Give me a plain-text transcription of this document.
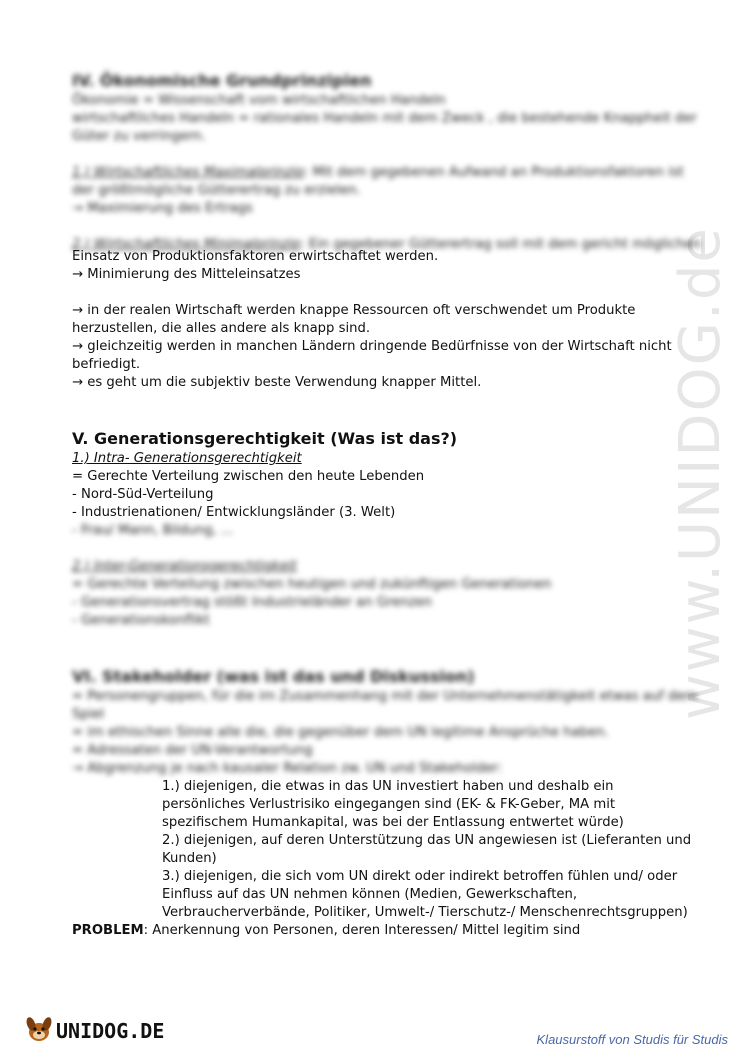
www.UNIDOG.de
IV. Ökonomische Grundprinzipien
Ökonomie = Wissenschaft vom wirtschaftlichen Handeln
wirtschaftliches Handeln = rationales Handeln mit dem Zweck , die bestehende Knappheit der
Güter zu verringern.
1.) Wirtschaftliches Maximalprinzip: Mit dem gegebenen Aufwand an Produktionsfaktoren ist
der größtmögliche Gütterertrag zu erzielen.
→ Maximierung des Ertrags
2.) Wirtschaftliches Minimalprinzip: Ein gegebener Gütterertrag soll mit dem gericht möglichen
Einsatz von Produktionsfaktoren erwirtschaftet werden.
→ Minimierung des Mitteleinsatzes
→ in der realen Wirtschaft werden knappe Ressourcen oft verschwendet um Produkte
herzustellen, die alles andere als knapp sind.
→ gleichzeitig werden in manchen Ländern dringende Bedürfnisse von der Wirtschaft nicht
befriedigt.
→ es geht um die subjektiv beste Verwendung knapper Mittel.
V. Generationsgerechtigkeit (Was ist das?)
1.) Intra- Generationsgerechtigkeit
= Gerechte Verteilung zwischen den heute Lebenden
- Nord-Süd-Verteilung
- Industrienationen/ Entwicklungsländer (3. Welt)
- Frau/ Mann, Bildung, ...
2.) Inter-Generationsgerechtigkeit
= Gerechte Verteilung zwischen heutigen und zukünftigen Generationen
- Generationsvertrag stößt Industrieländer an Grenzen
- Generationskonflikt
VI. Stakeholder (was ist das und Diskussion)
= Personengruppen, für die im Zusammenhang mit der Unternehmenstätigkeit etwas auf dem
Spiel
= im ethischen Sinne alle die, die gegenüber dem UN legitime Ansprüche haben.
= Adressaten der UN-Verantwortung
→ Abgrenzung je nach kausaler Relation zw. UN und Stakeholder:
1.) diejenigen, die etwas in das UN investiert haben und deshalb ein
persönliches Verlustrisiko eingegangen sind (EK- & FK-Geber, MA mit
spezifischem Humankapital, was bei der Entlassung entwertet würde)
2.) diejenigen, auf deren Unterstützung das UN angewiesen ist (Lieferanten und
Kunden)
3.) diejenigen, die sich vom UN direkt oder indirekt betroffen fühlen und/ oder
Einfluss auf das UN nehmen können (Medien, Gewerkschaften,
Verbraucherverbände, Politiker, Umwelt-/ Tierschutz-/ Menschenrechtsgruppen)
PROBLEM: Anerkennung von Personen, deren Interessen/ Mittel legitim sind
UNIDOG.DE	Klausurstoff von Studis für Studis
